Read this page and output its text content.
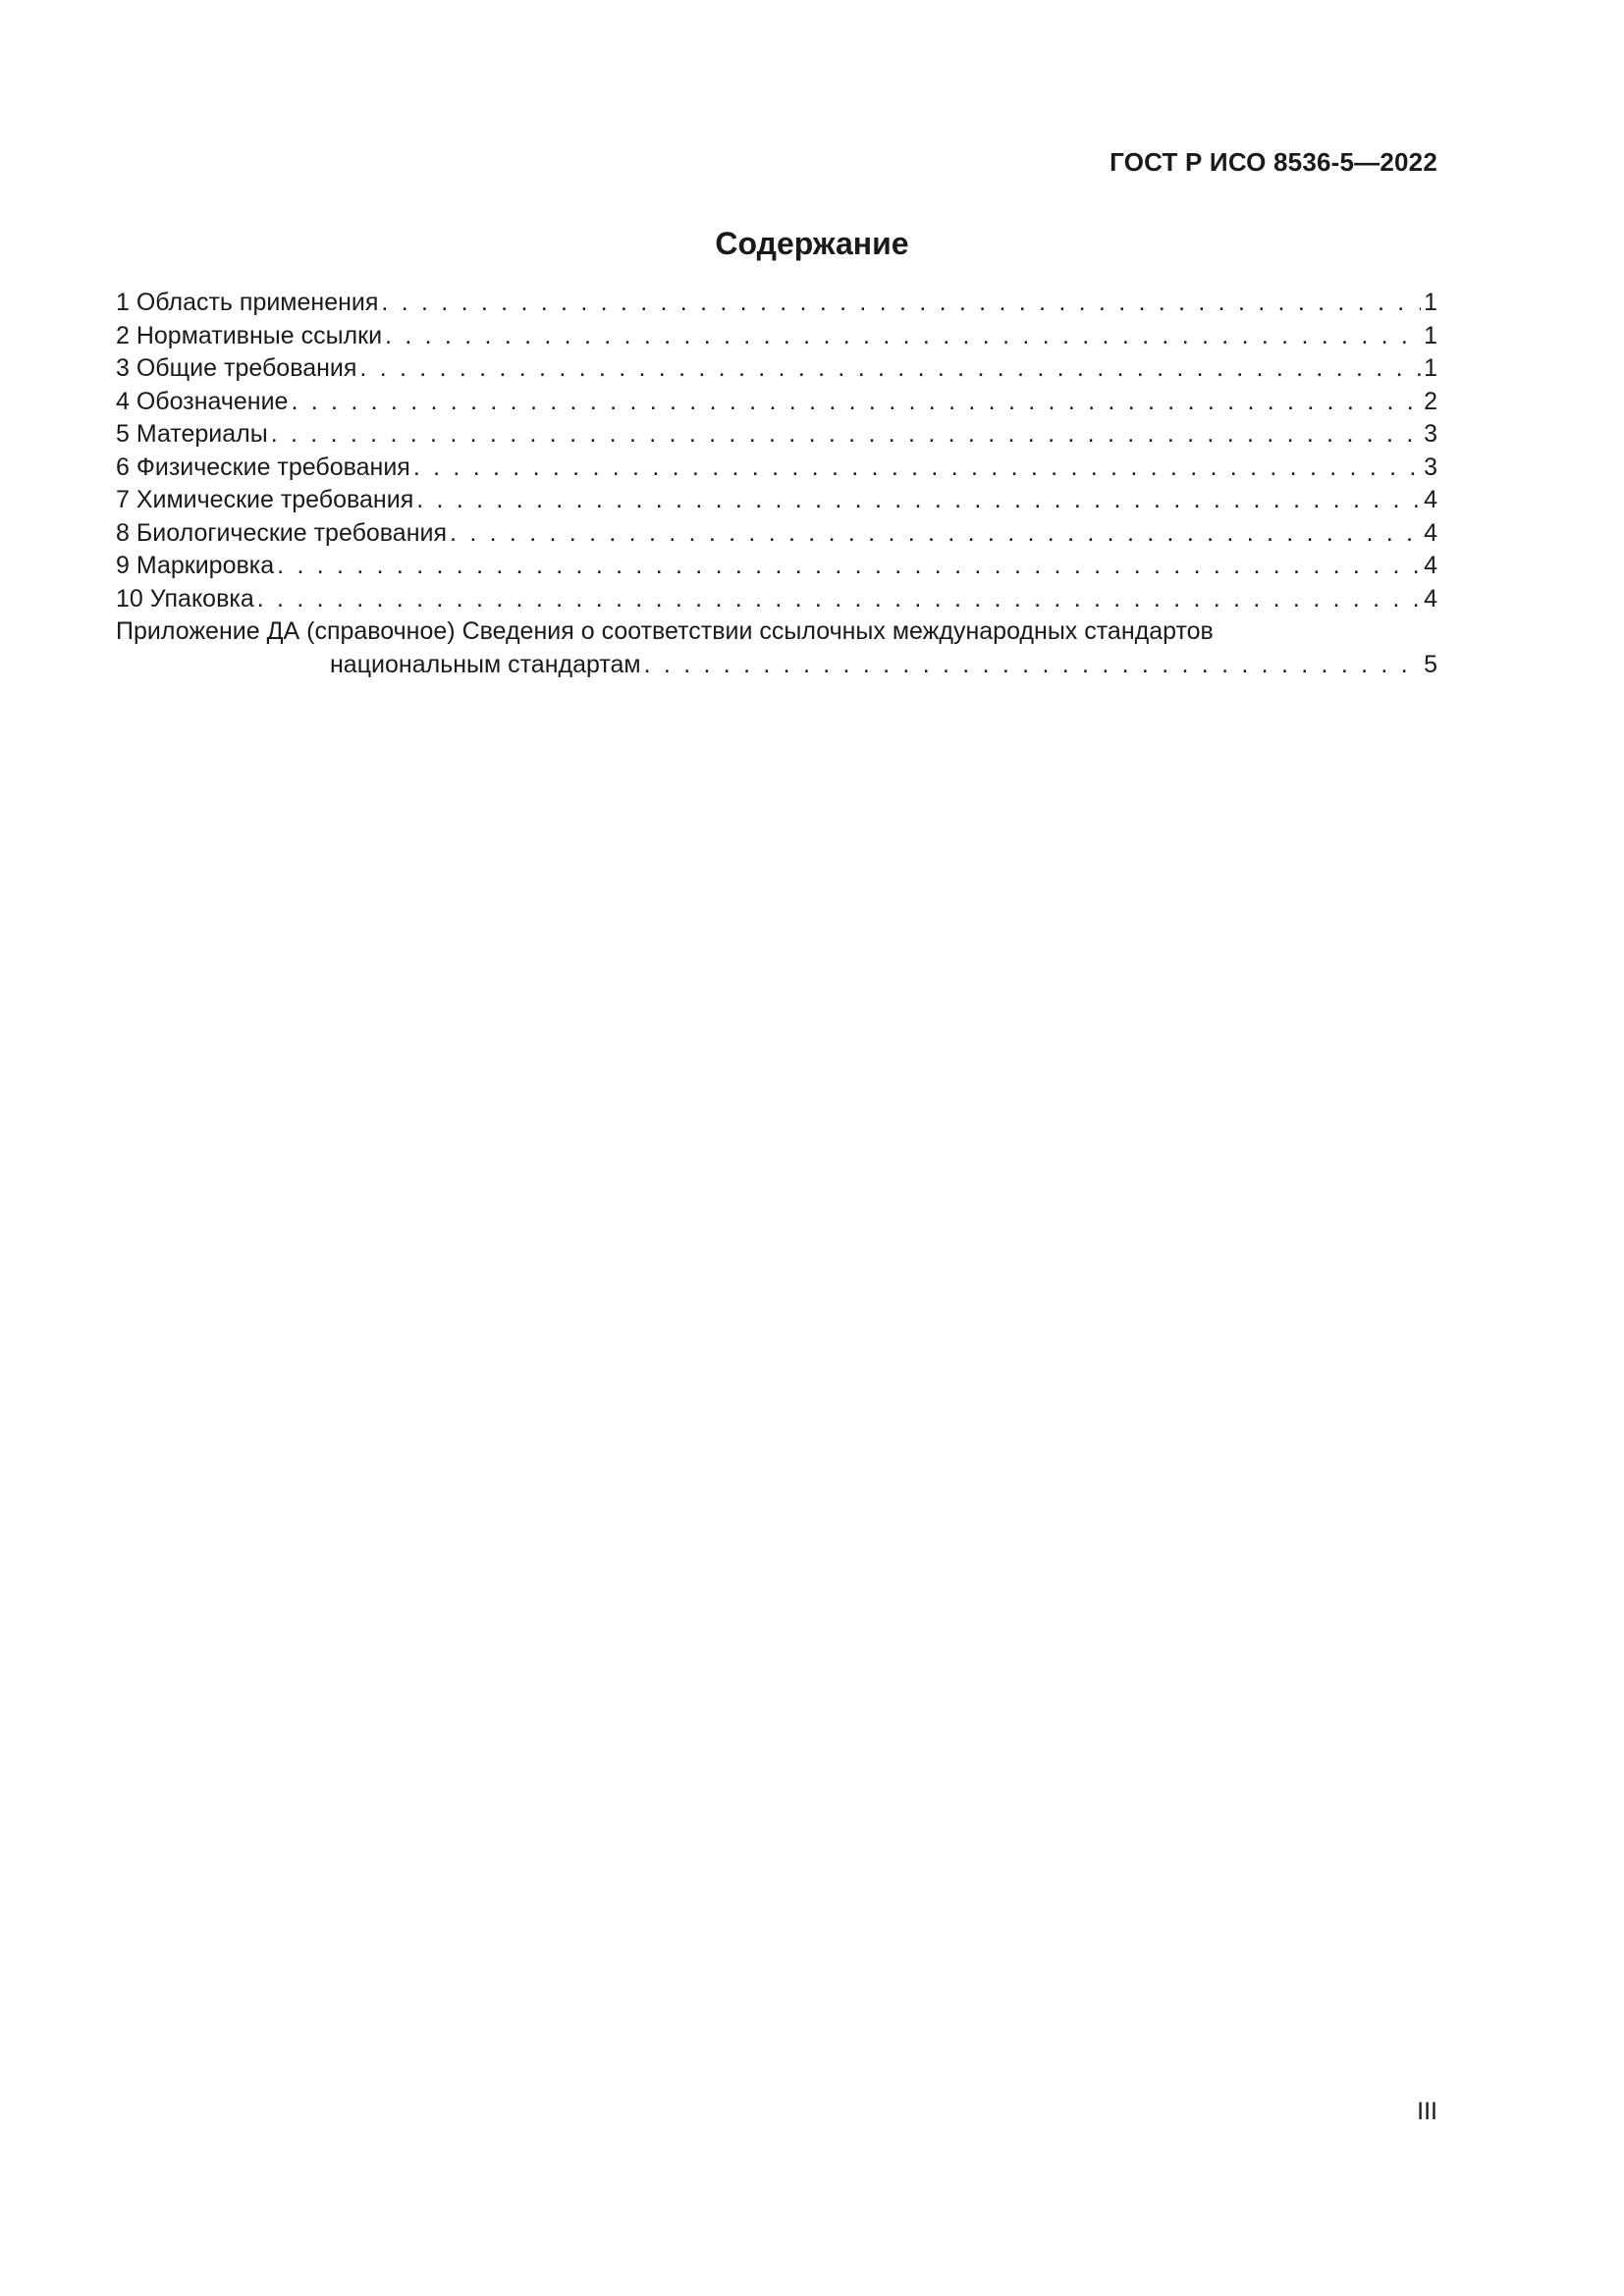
ГОСТ Р ИСО 8536-5—2022
Содержание
1 Область применения . . .	1
2 Нормативные ссылки . . .	1
3 Общие требования . . .	1
4 Обозначение . . .	2
5 Материалы . . .	3
6 Физические требования . . .	3
7 Химические требования . . .	4
8 Биологические требования . . .	4
9 Маркировка . . .	4
10 Упаковка . . .	4
Приложение ДА (справочное) Сведения о соответствии ссылочных международных стандартов
национальным стандартам . . .	5
III
